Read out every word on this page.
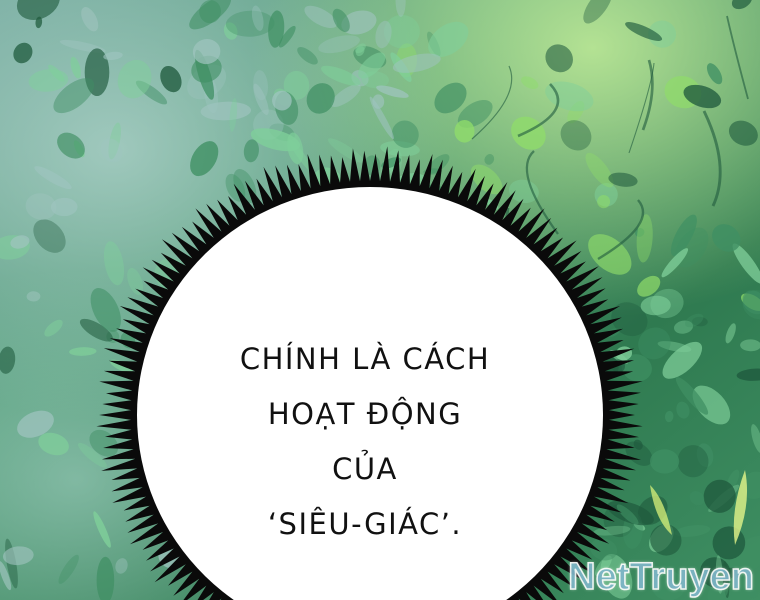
CHÍNH LÀ CÁCH
HOẠT ĐỘNG
CỦA
‘SIÊU-GIÁC’.
NetTruyen
